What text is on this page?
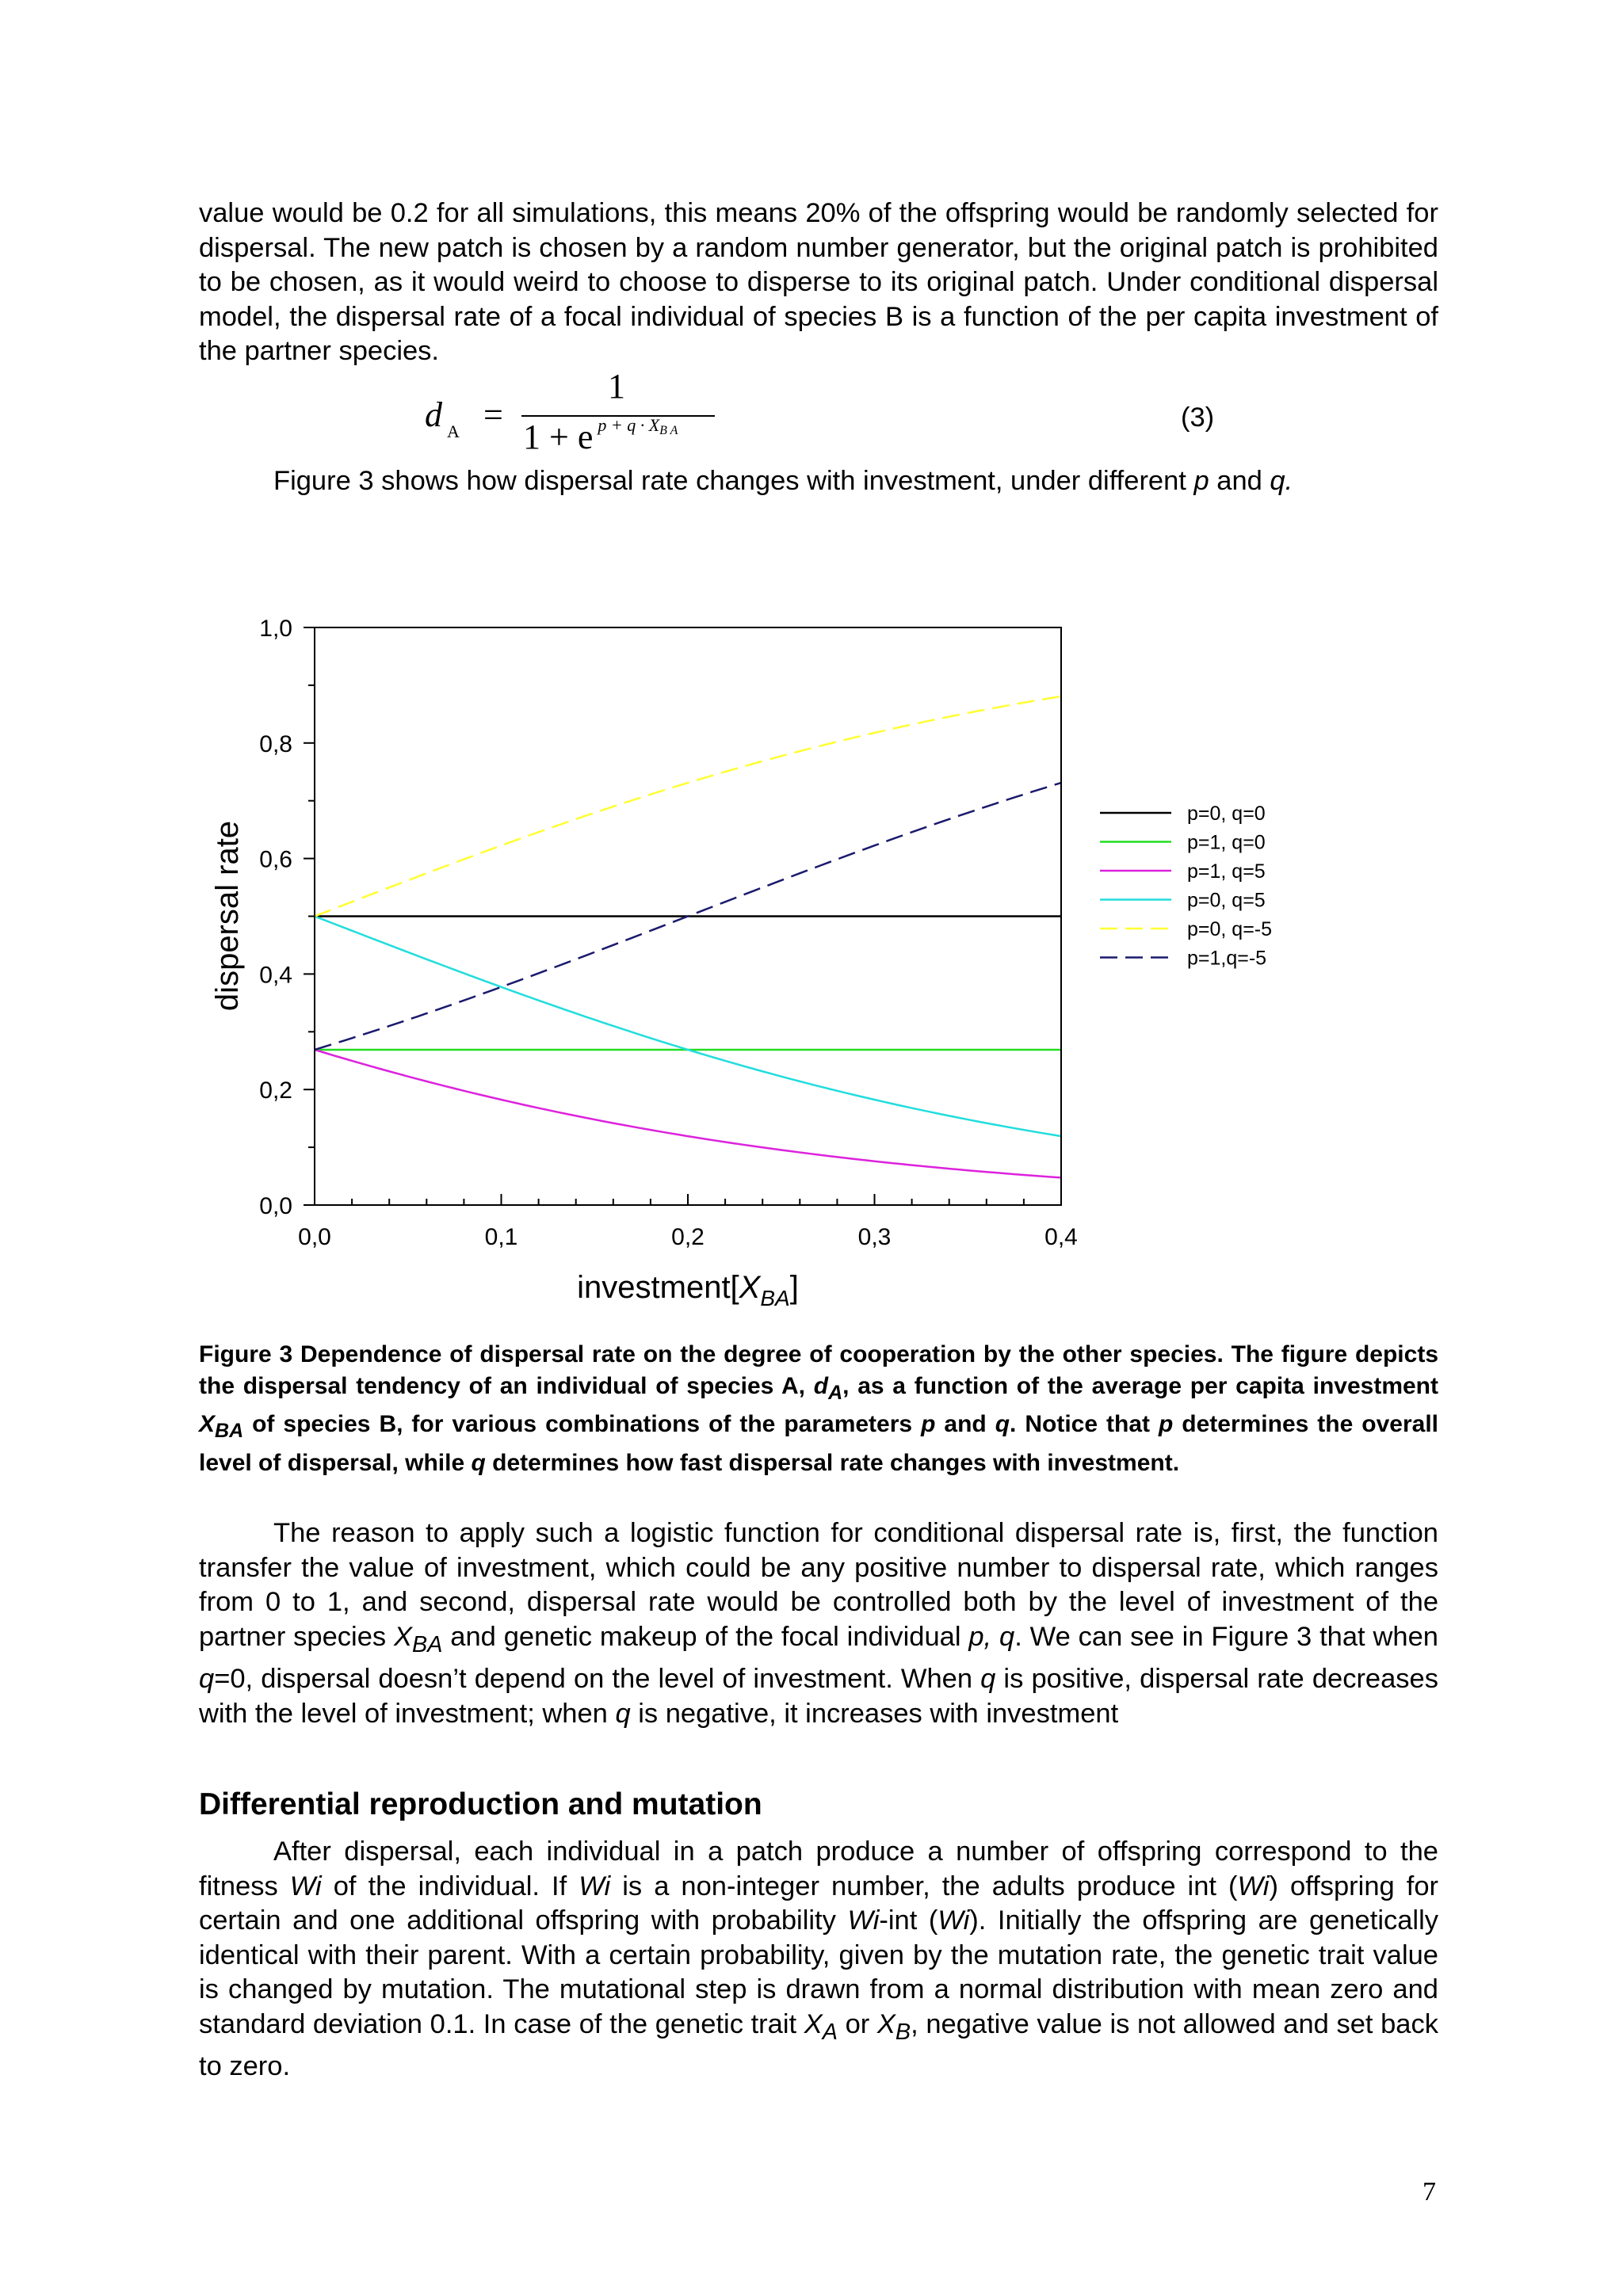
value would be 0.2 for all simulations, this means 20% of the offspring would be randomly selected for dispersal. The new patch is chosen by a random number generator, but the original patch is prohibited to be chosen, as it would weird to choose to disperse to its original patch. Under conditional dispersal model, the dispersal rate of a focal individual of species B is a function of the per capita investment of the partner species.

d $_A$ =
1
1 + e $^{p + q \cdot X_{B A}}$	(3)

Figure 3 shows how dispersal rate changes with investment, under different p and q.

0,0	0,1	0,2	0,3	0,4
0,0
0,2
0,4
0,6
0,8
1,0
dispersal rate
$investment[X_{BA}]$
p=0, q=0
p=1, q=0
p=1, q=5
p=0, q=5
p=0, q=-5
p=1,q=-5

Figure 3 Dependence of dispersal rate on the degree of cooperation by the other species. The figure depicts the dispersal tendency of an individual of species A, $d_A$, as a function of the average per capita investment $X_{BA}$ of species B, for various combinations of the parameters p and q. Notice that p determines the overall level of dispersal, while q determines how fast dispersal rate changes with investment.

The reason to apply such a logistic function for conditional dispersal rate is, first, the function transfer the value of investment, which could be any positive number to dispersal rate, which ranges from 0 to 1, and second, dispersal rate would be controlled both by the level of investment of the partner species $X_{BA}$ and genetic makeup of the focal individual p, q. We can see in Figure 3 that when q=0, dispersal doesn’t depend on the level of investment. When q is positive, dispersal rate decreases with the level of investment; when q is negative, it increases with investment

Differential reproduction and mutation

After dispersal, each individual in a patch produce a number of offspring correspond to the fitness Wi of the individual. If Wi is a non-integer number, the adults produce int (Wi) offspring for certain and one additional offspring with probability Wi-int (Wi). Initially the offspring are genetically identical with their parent. With a certain probability, given by the mutation rate, the genetic trait value is changed by mutation. The mutational step is drawn from a normal distribution with mean zero and standard deviation 0.1. In case of the genetic trait $X_A$ or $X_B$, negative value is not allowed and set back to zero.

7
